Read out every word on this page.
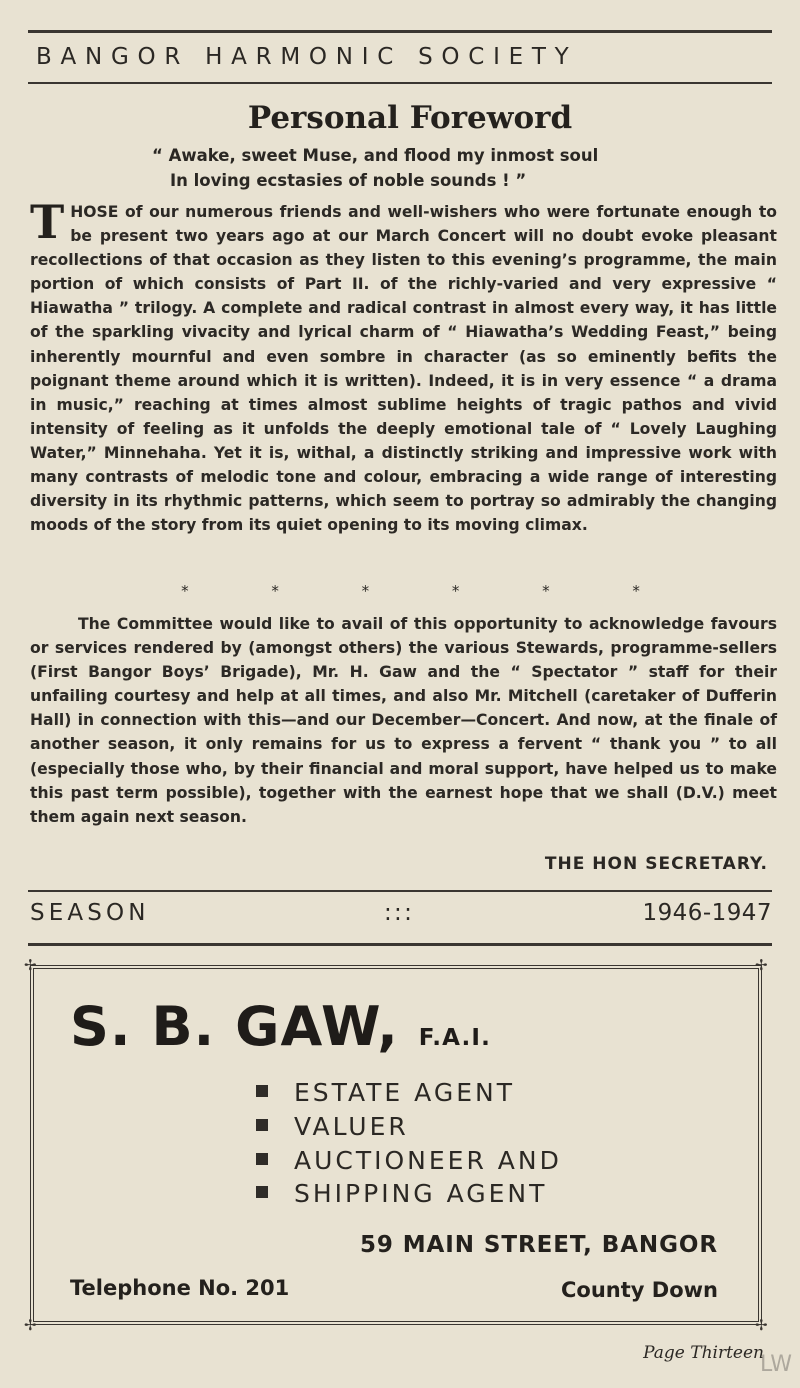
BANGOR HARMONIC SOCIETY
Personal Foreword
“ Awake, sweet Muse, and flood my inmost soul
In loving ecstasies of noble sounds ! ”
T HOSE of our numerous friends and well-wishers who were fortunate enough to be present two years ago at our March Concert will no doubt evoke pleasant recollections of that occasion as they listen to this evening’s programme, the main portion of which consists of Part II. of the richly-varied and very expressive “ Hiawatha ” trilogy. A complete and radical contrast in almost every way, it has little of the sparkling vivacity and lyrical charm of “ Hiawatha’s Wedding Feast,” being inherently mournful and even sombre in character (as so eminently befits the poignant theme around which it is written). Indeed, it is in very essence “ a drama in music,” reaching at times almost sublime heights of tragic pathos and vivid intensity of feeling as it unfolds the deeply emotional tale of “ Lovely Laughing Water,” Minnehaha. Yet it is, withal, a distinctly striking and impressive work with many contrasts of melodic tone and colour, embracing a wide range of interesting diversity in its rhythmic patterns, which seem to portray so admirably the changing moods of the story from its quiet opening to its moving climax.
* * * * * *
The Committee would like to avail of this opportunity to acknowledge favours or services rendered by (amongst others) the various Stewards, programme-sellers (First Bangor Boys’ Brigade), Mr. H. Gaw and the “ Spectator ” staff for their unfailing courtesy and help at all times, and also Mr. Mitchell (caretaker of Dufferin Hall) in connection with this—and our December—Concert. And now, at the finale of another season, it only remains for us to express a fervent “ thank you ” to all (especially those who, by their financial and moral support, have helped us to make this past term possible), together with the earnest hope that we shall (D.V.) meet them again next season.
THE HON SECRETARY.
SEASON	:::	1946-1947
✢	✢
✢	✢
S. B. GAW, F.A.I.
ESTATE AGENT
VALUER
AUCTIONEER AND
SHIPPING AGENT
59 MAIN STREET, BANGOR
Telephone No. 201	County Down
Page Thirteen
LW
